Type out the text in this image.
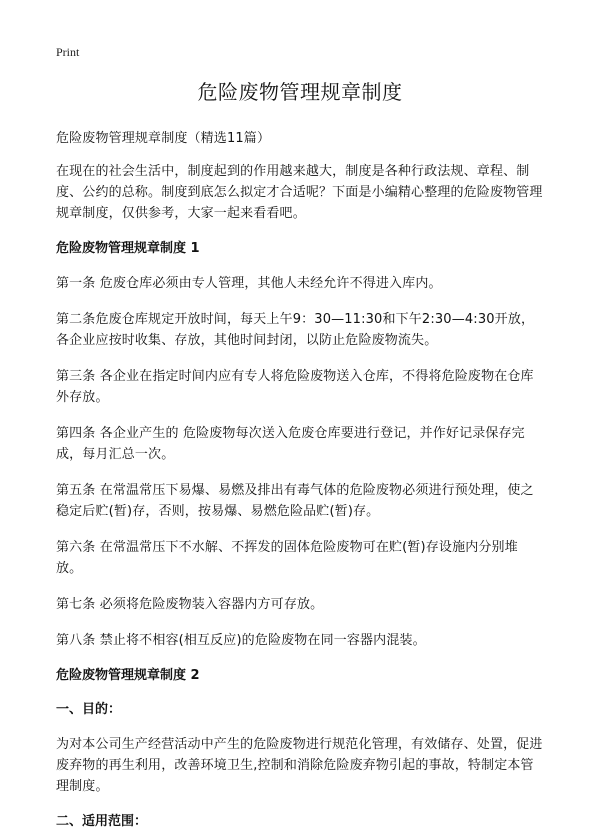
Print
危险废物管理规章制度

危险废物管理规章制度（精选11篇）

在现在的社会生活中，制度起到的作用越来越大，制度是各种行政法规、章程、制度、公约的总称。制度到底怎么拟定才合适呢？下面是小编精心整理的危险废物管理规章制度，仅供参考，大家一起来看看吧。

危险废物管理规章制度 1

第一条 危废仓库必须由专人管理，其他人未经允许不得进入库内。

第二条危废仓库规定开放时间，每天上午9：30—11:30和下午2:30—4:30开放，各企业应按时收集、存放，其他时间封闭，以防止危险废物流失。

第三条 各企业在指定时间内应有专人将危险废物送入仓库，不得将危险废物在仓库外存放。

第四条 各企业产生的 危险废物每次送入危废仓库要进行登记，并作好记录保存完成，每月汇总一次。

第五条 在常温常压下易爆、易燃及排出有毒气体的危险废物必须进行预处理，使之稳定后贮(暂)存，否则，按易爆、易燃危险品贮(暂)存。

第六条 在常温常压下不水解、不挥发的固体危险废物可在贮(暂)存设施内分别堆放。

第七条 必须将危险废物装入容器内方可存放。

第八条 禁止将不相容(相互反应)的危险废物在同一容器内混装。

危险废物管理规章制度 2
一、目的：

为对本公司生产经营活动中产生的危险废物进行规范化管理，有效储存、处置，促进废弃物的再生利用，改善环境卫生,控制和消除危险废弃物引起的事故，特制定本管理制度。

二、适用范围：
